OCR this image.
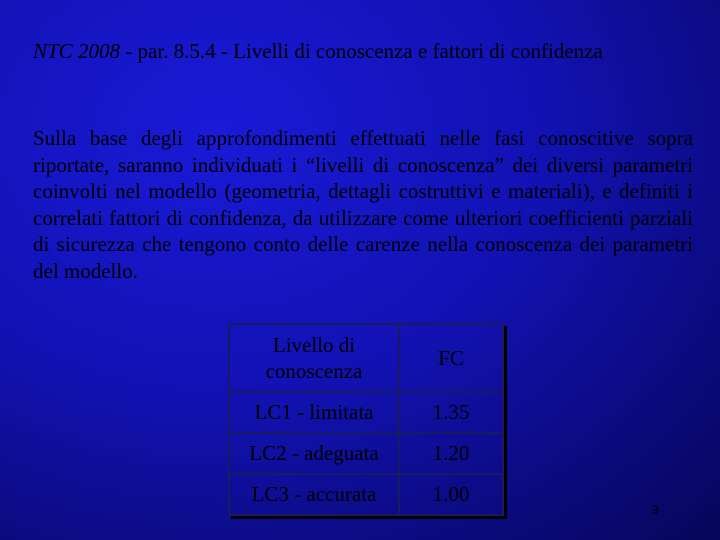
NTC 2008 - par. 8.5.4 - Livelli di conoscenza e fattori di confidenza
Sulla base degli approfondimenti effettuati nelle fasi conoscitive sopra riportate, saranno individuati i “livelli di conoscenza” dei diversi parametri coinvolti nel modello (geometria, dettagli costruttivi e materiali), e definiti i correlati fattori di confidenza, da utilizzare come ulteriori coefficienti parziali di sicurezza che tengono conto delle carenze nella conoscenza dei parametri del modello.
Livello di conoscenza	FC
LC1 - limitata	1.35
LC2 - adeguata	1.20
LC3 - accurata	1.00
3
